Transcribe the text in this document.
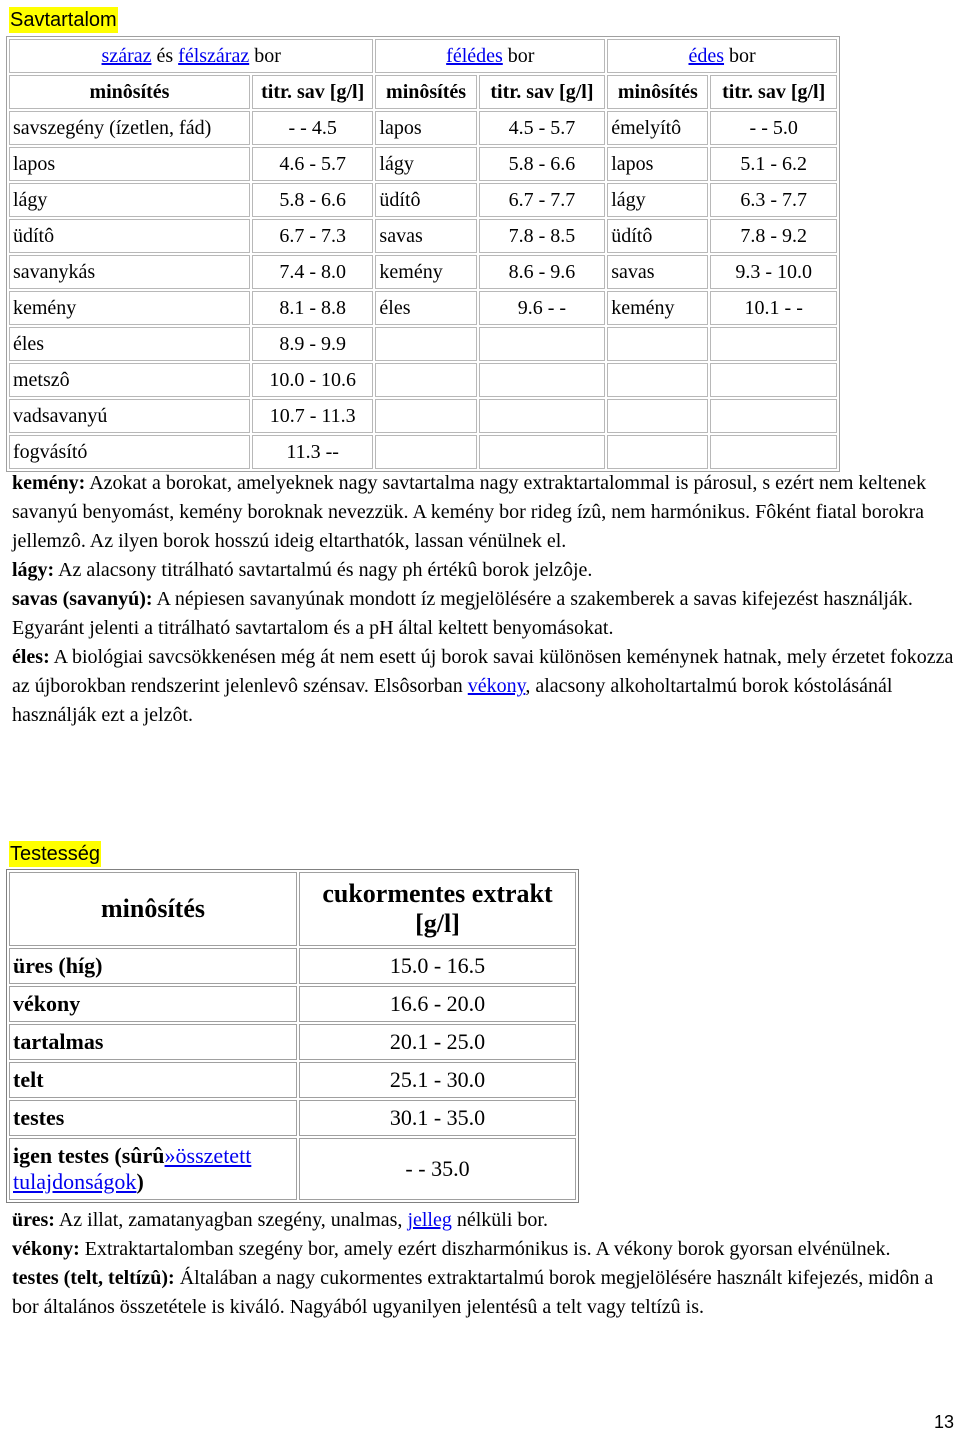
Savtartalom
száraz és félszáraz bor		félédes bor		édes bor	
minôsítés	titr. sav [g/l]	minôsítés	titr. sav [g/l]	minôsítés	titr. sav [g/l]
savszegény (ízetlen, fád)	- - 4.5	lapos	4.5 - 5.7	émelyítô	- - 5.0
lapos	4.6 - 5.7	lágy	5.8 - 6.6	lapos	5.1 - 6.2
lágy	5.8 - 6.6	üdítô	6.7 - 7.7	lágy	6.3 - 7.7
üdítô	6.7 - 7.3	savas	7.8 - 8.5	üdítô	7.8 - 9.2
savanykás	7.4 - 8.0	kemény	8.6 - 9.6	savas	9.3 - 10.0
kemény	8.1 - 8.8	éles	9.6 - -	kemény	10.1 - -
éles	8.9 - 9.9				
metszô	10.0 - 10.6				
vadsavanyú	10.7 - 11.3				
fogvásító	11.3 --				

kemény: Azokat a borokat, amelyeknek nagy savtartalma nagy extraktartalommal is párosul, s ezért nem keltenek savanyú benyomást, kemény boroknak nevezzük. A kemény bor rideg ízû, nem harmónikus. Fôként fiatal borokra jellemzô. Az ilyen borok hosszú ideig eltarthatók, lassan vénülnek el.

lágy: Az alacsony titrálható savtartalmú és nagy ph értékû borok jelzôje.

savas (savanyú): A népiesen savanyúnak mondott íz megjelölésére a szakemberek a savas kifejezést használják. Egyaránt jelenti a titrálható savtartalom és a pH által keltett benyomásokat.

éles: A biológiai savcsökkenésen még át nem esett új borok savai különösen keménynek hatnak, mely érzetet fokozza az újborokban rendszerint jelenlevô szénsav. Elsôsorban vékony, alacsony alkoholtartalmú borok kóstolásánál használják ezt a jelzôt.

Testesség
minôsítés	cukormentes extrakt [g/l]
üres (híg)	15.0 - 16.5
vékony	16.6 - 20.0
tartalmas	20.1 - 25.0
telt	25.1 - 30.0
testes	30.1 - 35.0
igen testes (sûrû»összetett tulajdonságok)	- - 35.0

üres: Az illat, zamatanyagban szegény, unalmas, jelleg nélküli bor.

vékony: Extraktartalomban szegény bor, amely ezért diszharmónikus is. A vékony borok gyorsan elvénülnek.

testes (telt, teltízû): Általában a nagy cukormentes extraktartalmú borok megjelölésére használt kifejezés, midôn a bor általános összetétele is kiváló. Nagyából ugyanilyen jelentésû a telt vagy teltízû is.

13
